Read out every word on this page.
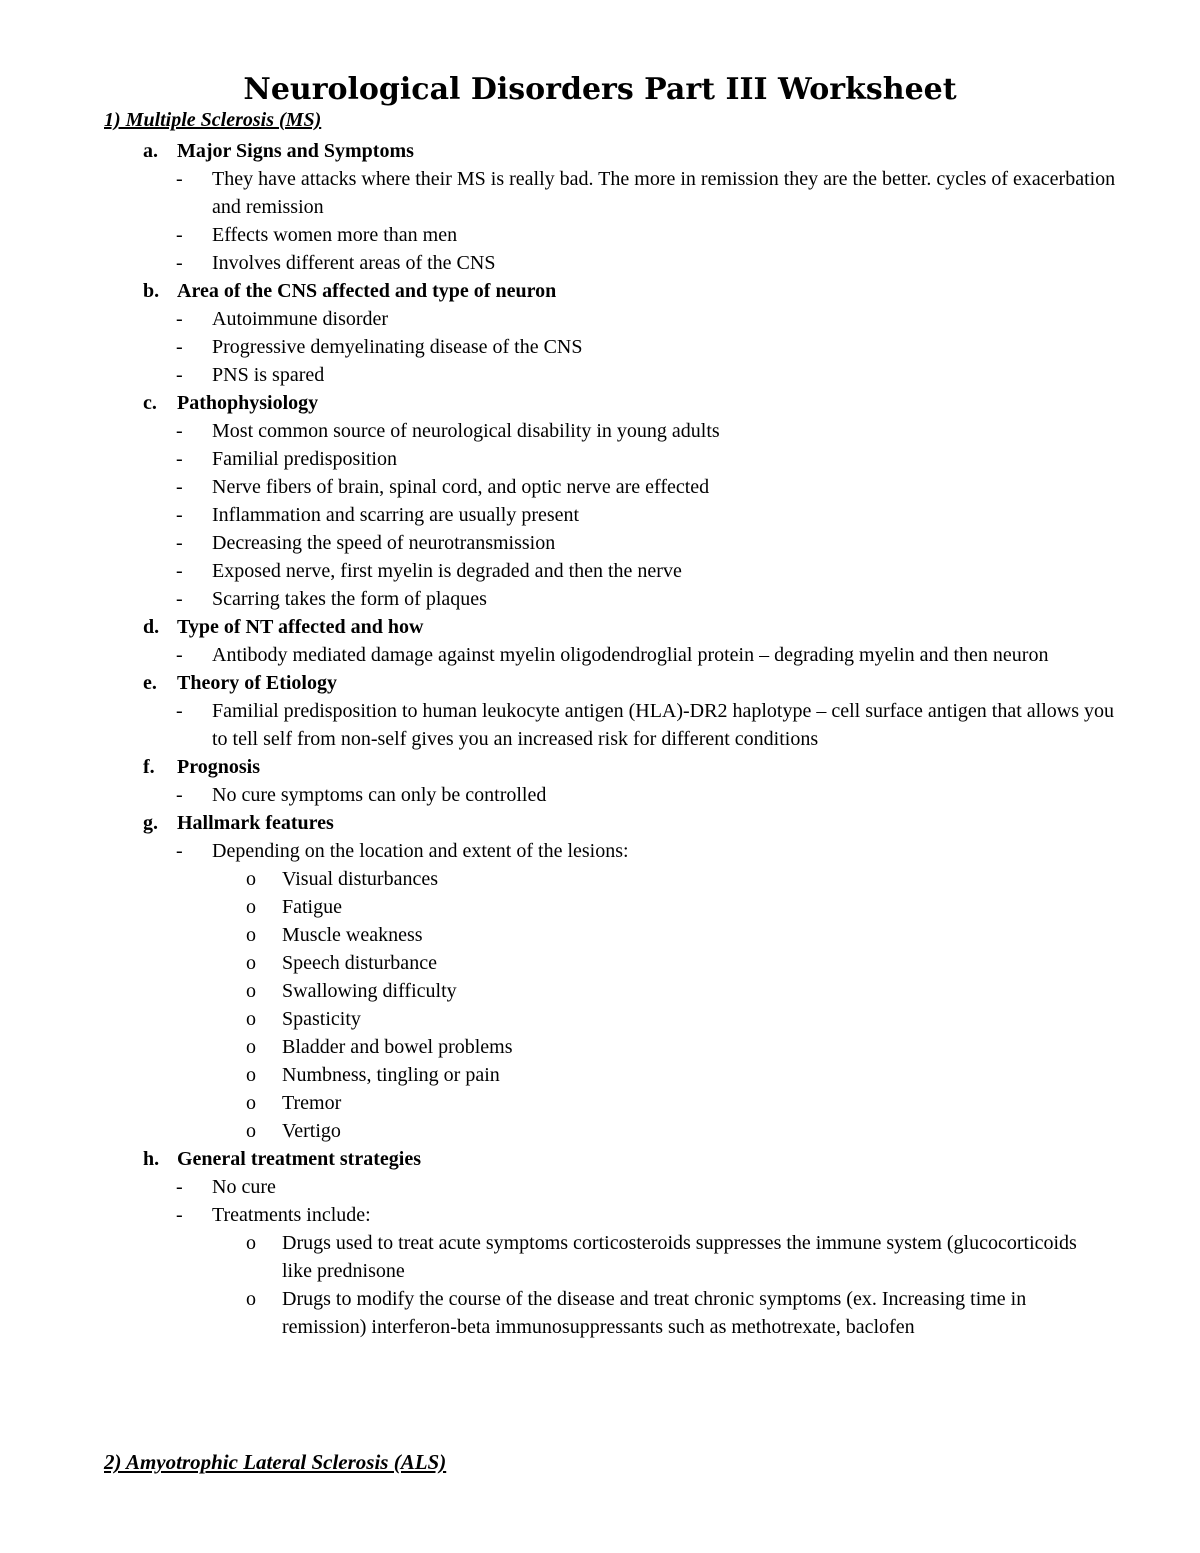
Neurological Disorders Part III Worksheet
1) Multiple Sclerosis (MS)
a. Major Signs and Symptoms
- They have attacks where their MS is really bad. The more in remission they are the better. cycles of exacerbation and remission
- Effects women more than men
- Involves different areas of the CNS
b. Area of the CNS affected and type of neuron
- Autoimmune disorder
- Progressive demyelinating disease of the CNS
- PNS is spared
c. Pathophysiology
- Most common source of neurological disability in young adults
- Familial predisposition
- Nerve fibers of brain, spinal cord, and optic nerve are effected
- Inflammation and scarring are usually present
- Decreasing the speed of neurotransmission
- Exposed nerve, first myelin is degraded and then the nerve
- Scarring takes the form of plaques
d. Type of NT affected and how
- Antibody mediated damage against myelin oligodendroglial protein – degrading myelin and then neuron
e. Theory of Etiology
- Familial predisposition to human leukocyte antigen (HLA)-DR2 haplotype – cell surface antigen that allows you to tell self from non-self gives you an increased risk for different conditions
f. Prognosis
- No cure symptoms can only be controlled
g. Hallmark features
- Depending on the location and extent of the lesions:
o Visual disturbances
o Fatigue
o Muscle weakness
o Speech disturbance
o Swallowing difficulty
o Spasticity
o Bladder and bowel problems
o Numbness, tingling or pain
o Tremor
o Vertigo
h. General treatment strategies
- No cure
- Treatments include:
o Drugs used to treat acute symptoms corticosteroids suppresses the immune system (glucocorticoids like prednisone
o Drugs to modify the course of the disease and treat chronic symptoms (ex. Increasing time in remission) interferon-beta immunosuppressants such as methotrexate, baclofen
2) Amyotrophic Lateral Sclerosis (ALS)
